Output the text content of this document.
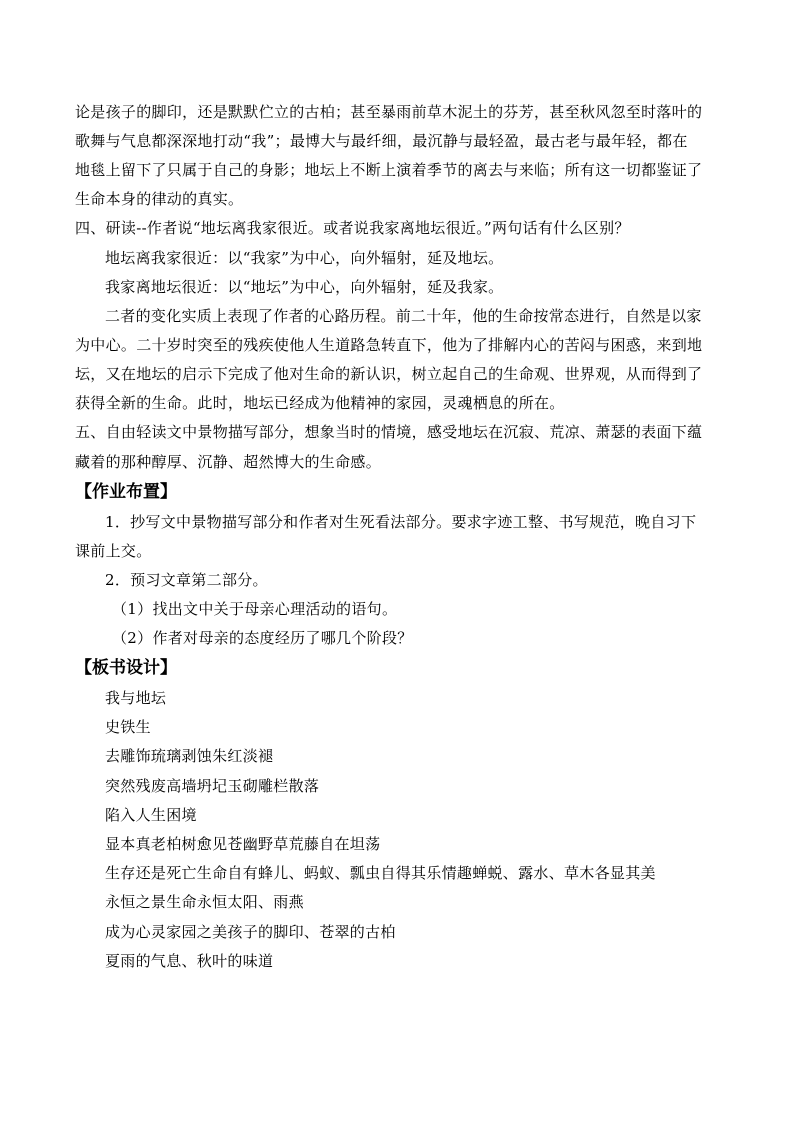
论是孩子的脚印，还是默默伫立的古柏；甚至暴雨前草木泥土的芬芳，甚至秋风忽至时落叶的
歌舞与气息都深深地打动“我”；最博大与最纤细，最沉静与最轻盈，最古老与最年轻，都在
地毯上留下了只属于自己的身影；地坛上不断上演着季节的离去与来临；所有这一切都鉴证了
生命本身的律动的真实。
四、研读--作者说“地坛离我家很近。或者说我家离地坛很近。”两句话有什么区别？
地坛离我家很近：以“我家”为中心，向外辐射，延及地坛。
我家离地坛很近：以“地坛”为中心，向外辐射，延及我家。
二者的变化实质上表现了作者的心路历程。前二十年，他的生命按常态进行，自然是以家
为中心。二十岁时突至的残疾使他人生道路急转直下，他为了排解内心的苦闷与困惑，来到地
坛，又在地坛的启示下完成了他对生命的新认识，树立起自己的生命观、世界观，从而得到了
获得全新的生命。此时，地坛已经成为他精神的家园，灵魂栖息的所在。
五、自由轻读文中景物描写部分，想象当时的情境，感受地坛在沉寂、荒凉、萧瑟的表面下蕴
藏着的那种醇厚、沉静、超然博大的生命感。
【作业布置】
1．抄写文中景物描写部分和作者对生死看法部分。要求字迹工整、书写规范，晚自习下
课前上交。
2．预习文章第二部分。
（1）找出文中关于母亲心理活动的语句。
（2）作者对母亲的态度经历了哪几个阶段？
【板书设计】
我与地坛
史铁生
去雕饰琉璃剥蚀朱红淡褪
突然残废高墙坍圮玉砌雕栏散落
陷入人生困境
显本真老柏树愈见苍幽野草荒藤自在坦荡
生存还是死亡生命自有蜂儿、蚂蚁、瓢虫自得其乐情趣蝉蜕、露水、草木各显其美
永恒之景生命永恒太阳、雨燕
成为心灵家园之美孩子的脚印、苍翠的古柏
夏雨的气息、秋叶的味道
